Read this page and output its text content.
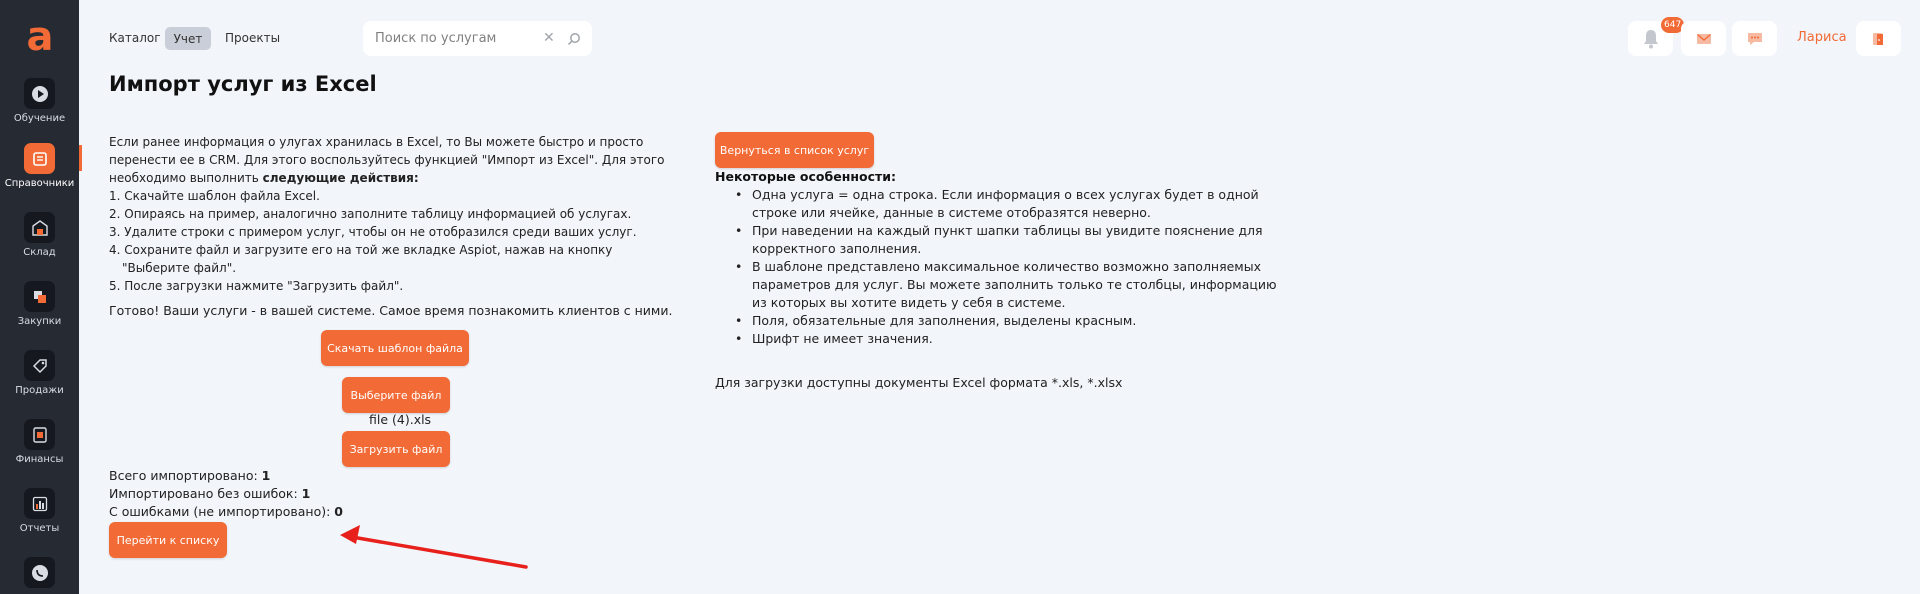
a
Обучение
Справочники
Склад
Закупки
Продажи
Финансы
Отчеты
Каталог	Учет	Проекты	Поиск по услугам	✕
647
Лариса
Импорт услуг из Excel

Если ранее информация о улугах хранилась в Excel, то Вы можете быстро и просто

перенести ее в CRM. Для этого воспользуйтесь функцией "Импорт из Excel". Для этого

необходимо выполнить следующие действия:

1. Скачайте шаблон файла Excel.

2. Опираясь на пример, аналогично заполните таблицу информацией об услугах.

3. Удалите строки с примером услуг, чтобы он не отобразился среди ваших услуг.

4. Сохраните файл и загрузите его на той же вкладке Aspiot, нажав на кнопку "Выберите файл".

5. После загрузки нажмите "Загрузить файл".

Готово! Ваши услуги - в вашей системе. Самое время познакомить клиентов с ними.
Скачать шаблон файла
Выберите файл
file (4).xls
Загрузить файл
Всего импортировано: 1
Импортировано без ошибок: 1
С ошибками (не импортировано): 0
Перейти к списку
Вернуться в список услуг
Некоторые особенности:
• Одна услуга = одна строка. Если информация о всех услугах будет в одной строке или ячейке, данные в системе отобразятся неверно.
• При наведении на каждый пункт шапки таблицы вы увидите пояснение для корректного заполнения.
• В шаблоне представлено максимальное количество возможно заполняемых параметров для услуг. Вы можете заполнить только те столбцы, информацию из которых вы хотите видеть у себя в системе.
• Поля, обязательные для заполнения, выделены красным.
• Шрифт не имеет значения.
Для загрузки доступны документы Excel формата *.xls, *.xlsx
